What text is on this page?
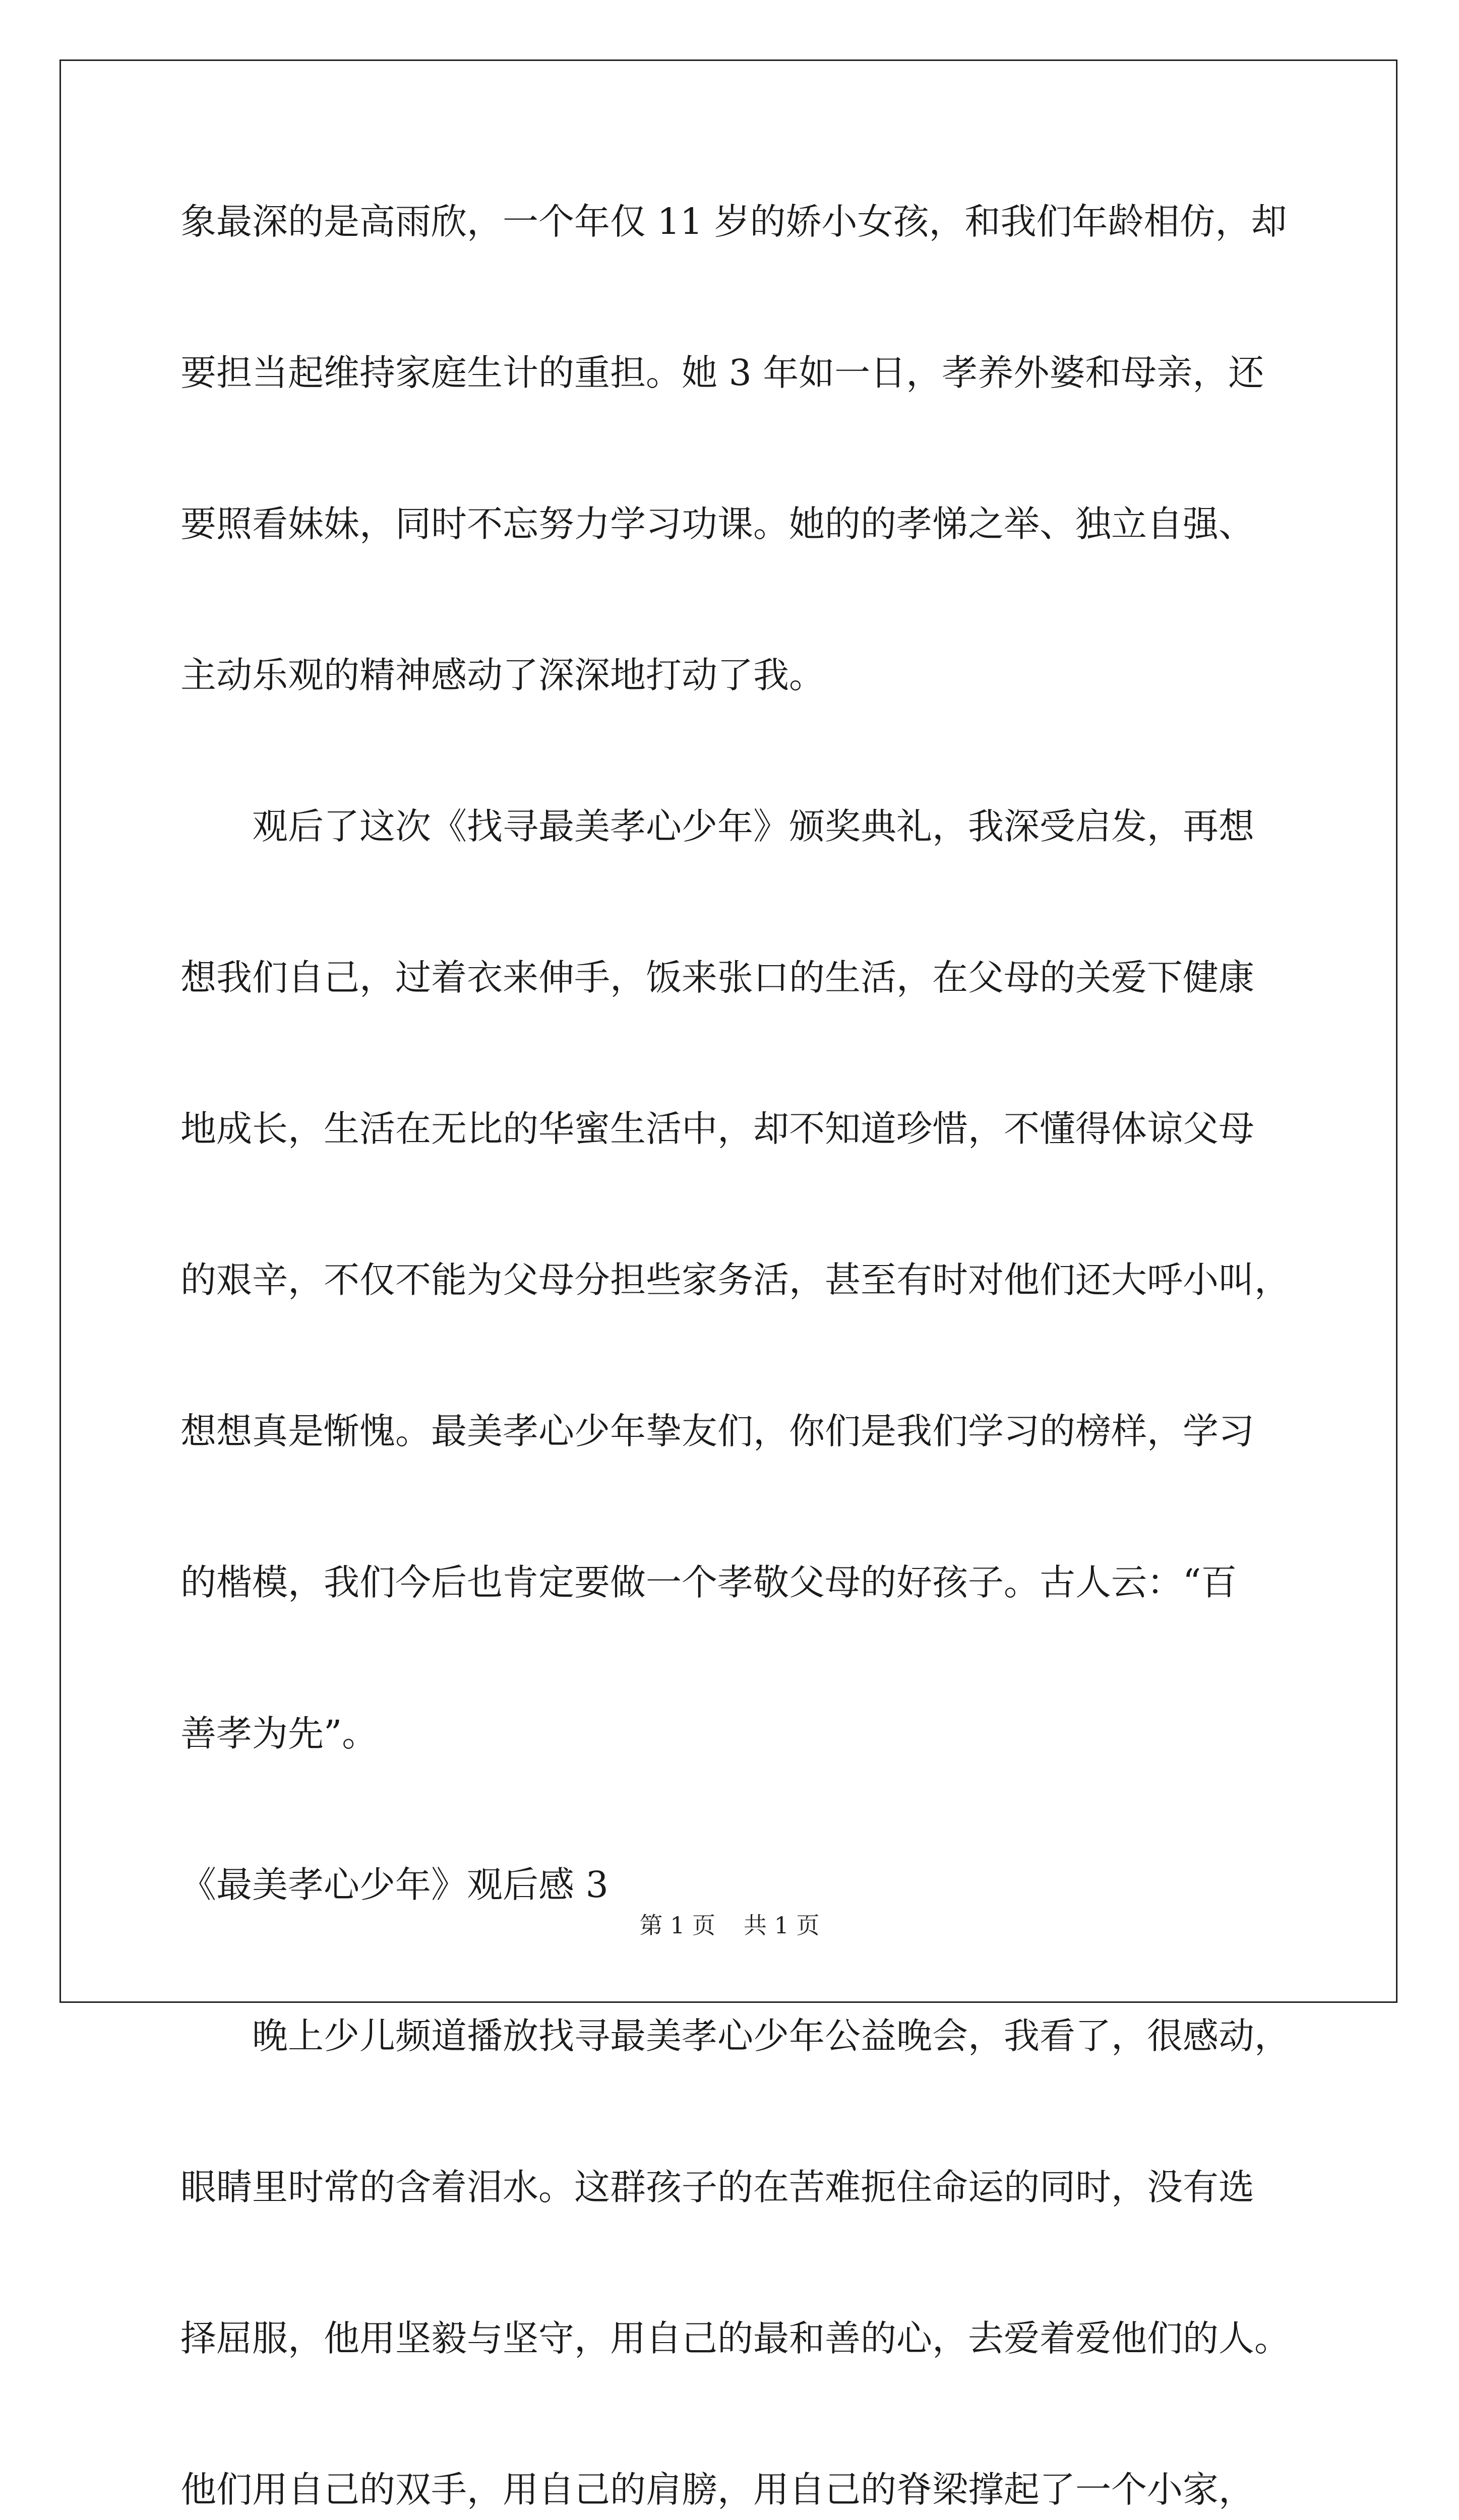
象最深的是高雨欣，一个年仅 11 岁的娇小女孩，和我们年龄相仿，却
要担当起维持家庭生计的重担。她 3 年如一日，孝养外婆和母亲，还
要照看妹妹，同时不忘努力学习功课。她的的孝悌之举、独立自强、
主动乐观的精神感动了深深地打动了我。
观后了这次《找寻最美孝心少年》颁奖典礼，我深受启发，再想
想我们自己，过着衣来伸手，饭来张口的生活，在父母的关爱下健康
地成长，生活在无比的华蜜生活中，却不知道珍惜，不懂得体谅父母
的艰辛，不仅不能为父母分担些家务活，甚至有时对他们还大呼小叫，
想想真是惭愧。最美孝心少年挚友们，你们是我们学习的榜样，学习
的楷模，我们今后也肯定要做一个孝敬父母的好孩子。古人云：“百
善孝为先”。
《最美孝心少年》观后感 3
晚上少儿频道播放找寻最美孝心少年公益晚会，我看了，很感动，
眼睛里时常的含着泪水。这群孩子的在苦难扼住命运的同时，没有选
择屈服，他用坚毅与坚守，用自己的最和善的心，去爱着爱他们的人。
他们用自己的双手，用自己的肩膀，用自己的脊梁撑起了一个小家，
第 1 页 共 1 页
